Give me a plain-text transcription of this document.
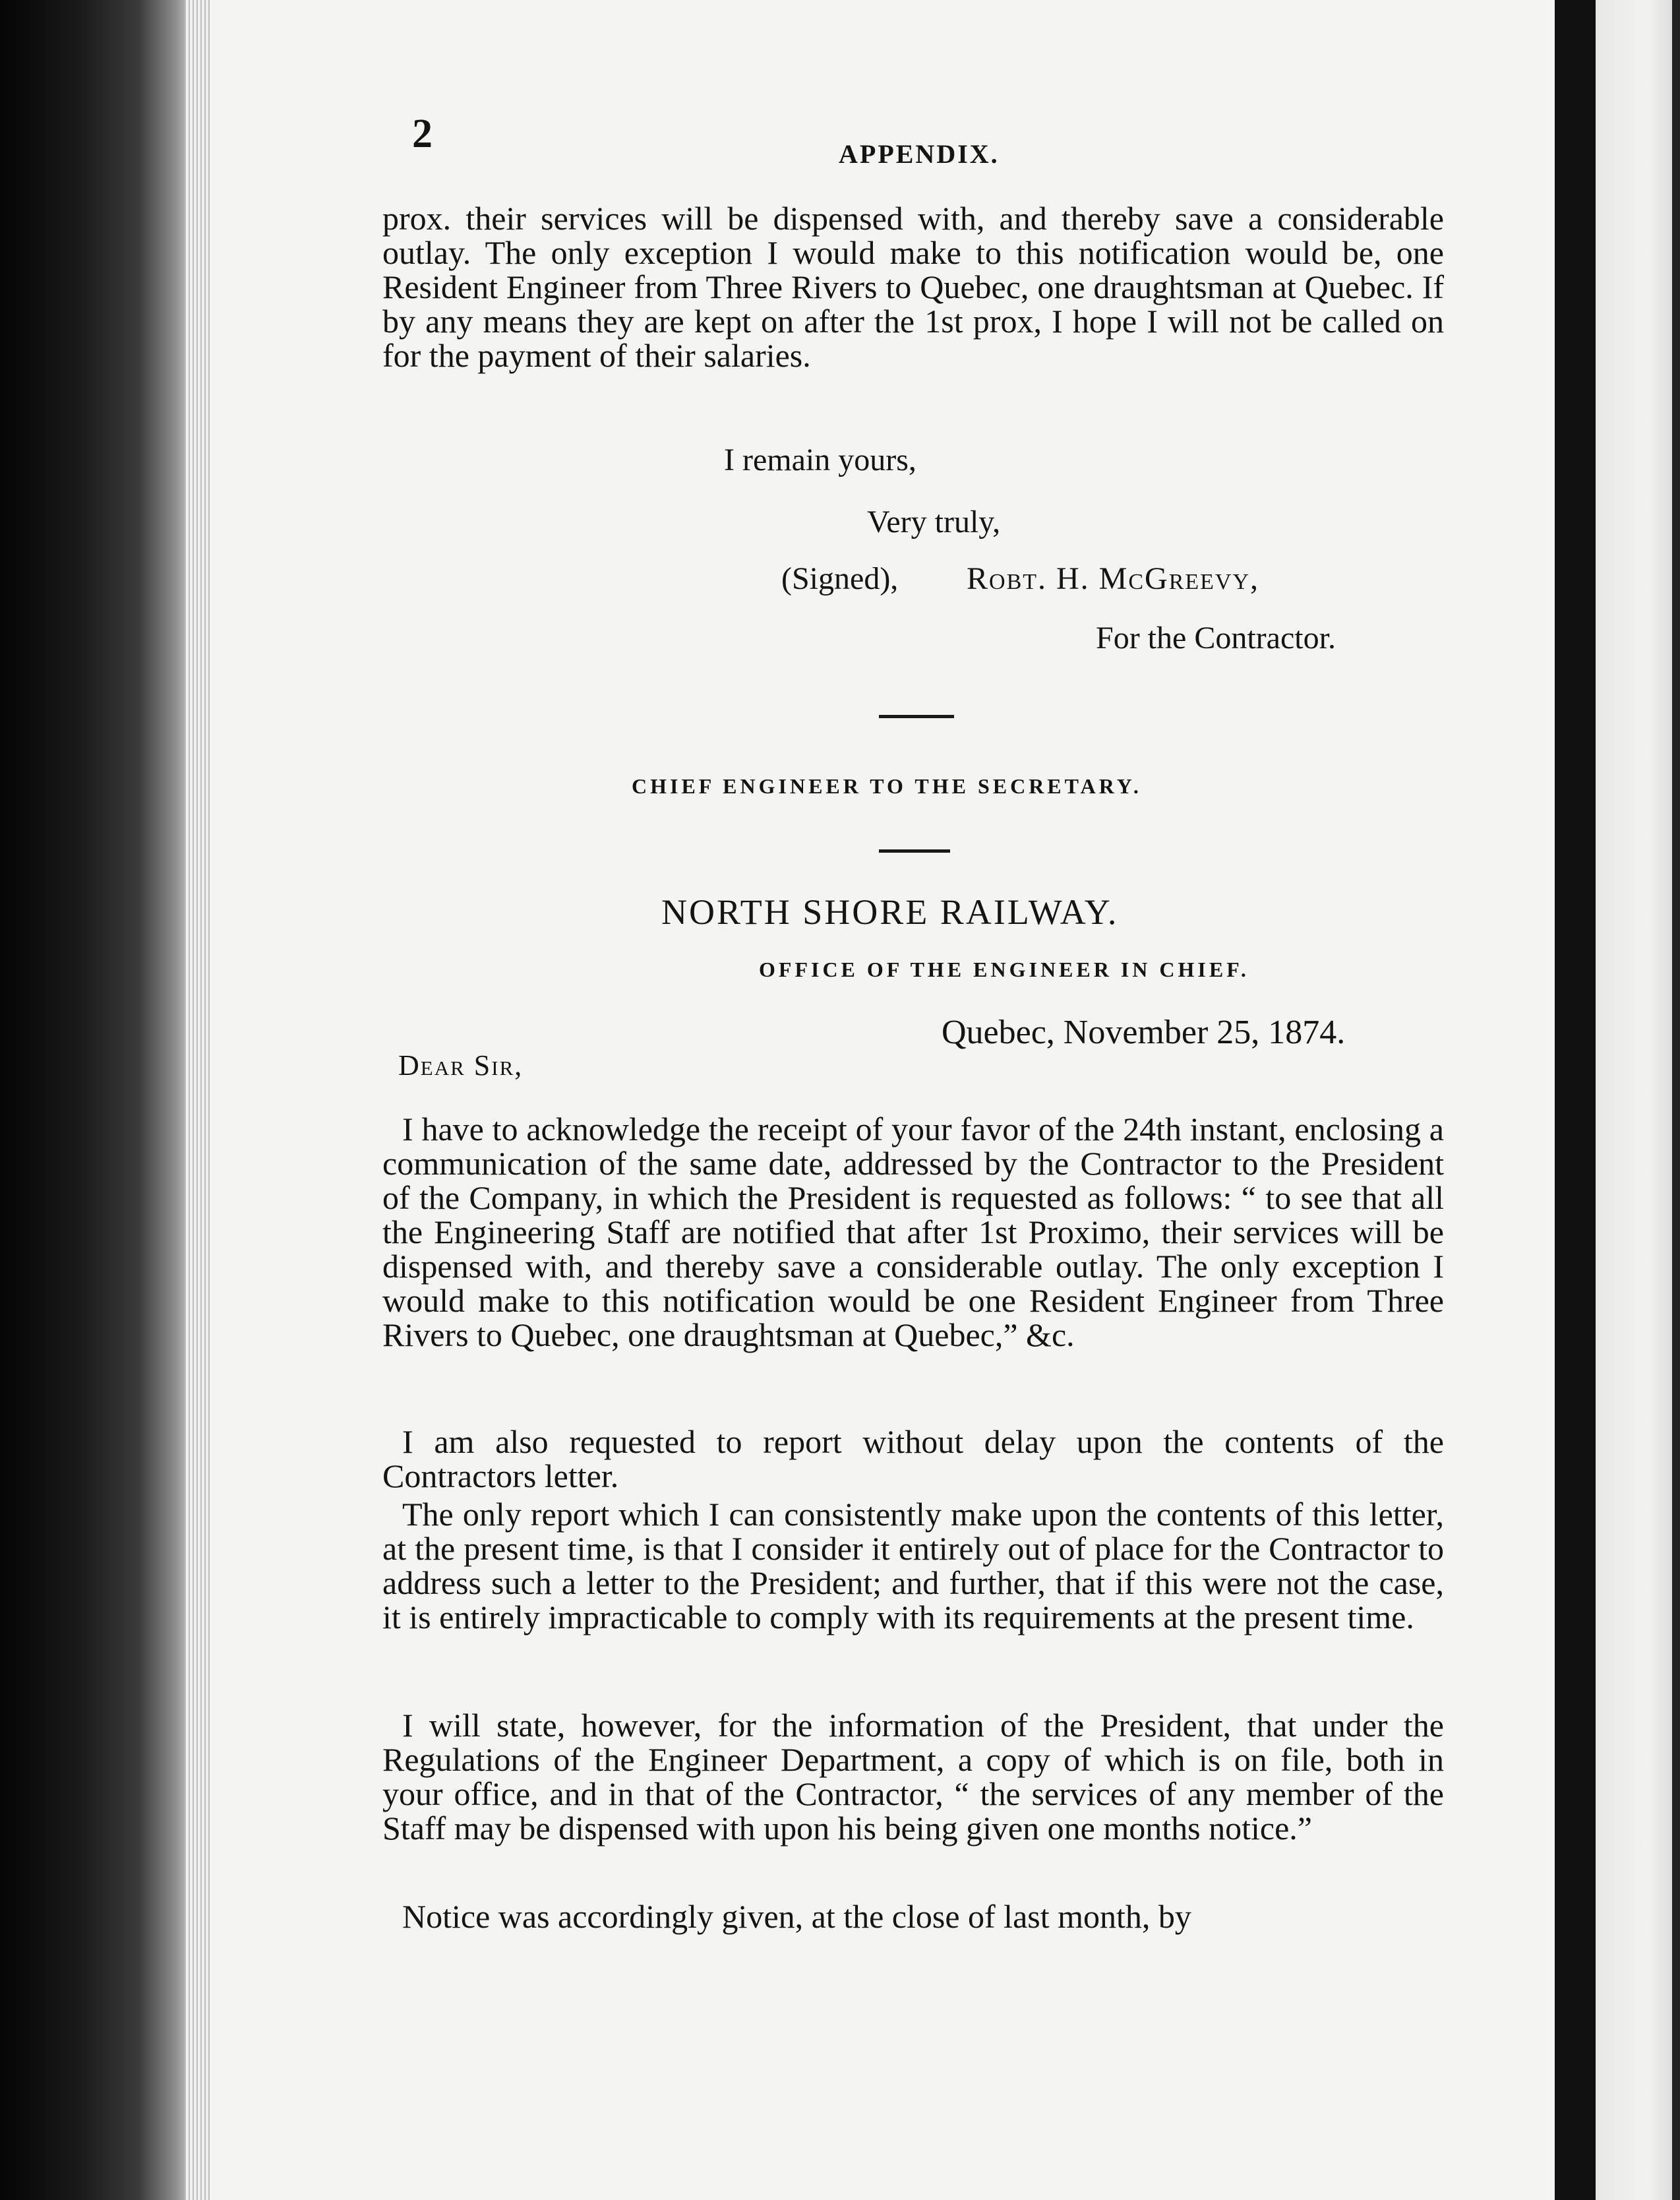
2	APPENDIX.
prox. their services will be dispensed with, and thereby save a considerable outlay. The only exception I would make to this notification would be, one Resident Engineer from Three Rivers to Quebec, one draughtsman at Quebec. If by any means they are kept on after the 1st prox, I hope I will not be called on for the payment of their salaries.
I remain yours,
Very truly,
(Signed), Robt. H. McGreevy,
For the Contractor.
CHIEF ENGINEER TO THE SECRETARY.
NORTH SHORE RAILWAY.
OFFICE OF THE ENGINEER IN CHIEF.
Quebec, November 25, 1874.
Dear Sir,
I have to acknowledge the receipt of your favor of the 24th instant, enclosing a communication of the same date, addressed by the Contractor to the President of the Company, in which the President is requested as follows: “ to see that all the Engineering Staff are notified that after 1st Proximo, their services will be dispensed with, and thereby save a considerable outlay. The only exception I would make to this notification would be one Resident Engineer from Three Rivers to Quebec, one draughtsman at Quebec,” &c.
I am also requested to report without delay upon the contents of the Contractors letter.
The only report which I can consistently make upon the contents of this letter, at the present time, is that I consider it entirely out of place for the Contractor to address such a letter to the President; and further, that if this were not the case, it is entirely impracticable to comply with its requirements at the present time.
I will state, however, for the information of the President, that under the Regulations of the Engineer Department, a copy of which is on file, both in your office, and in that of the Contractor, “ the services of any member of the Staff may be dispensed with upon his being given one months notice.”
Notice was accordingly given, at the close of last month, by
